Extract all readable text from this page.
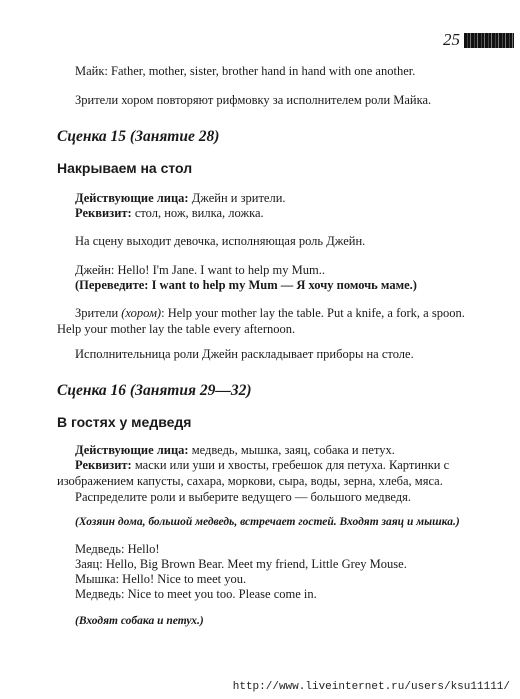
25

Майк: Father, mother, sister, brother hand in hand with one another.

Зрители хором повторяют рифмовку за исполнителем роли Майка.

Сценка 15 (Занятие 28)
Накрываем на стол

Действующие лица: Джейн и зрители.

Реквизит: стол, нож, вилка, ложка.

На сцену выходит девочка, исполняющая роль Джейн.

Джейн: Hello! I'm Jane. I want to help my Mum..

(Переведите: I want to help my Mum — Я хочу помочь маме.)

Зрители (хором): Help your mother lay the table. Put a knife, a fork, a spoon. Help your mother lay the table every afternoon.

Исполнительница роли Джейн раскладывает приборы на столе.

Сценка 16 (Занятия 29—32)
В гостях у медведя

Действующие лица: медведь, мышка, заяц, собака и петух.

Реквизит: маски или уши и хвосты, гребешок для петуха. Картинки с изображением капусты, сахара, моркови, сыра, воды, зерна, хлеба, мяса.

Распределите роли и выберите ведущего — большого медведя.

(Хозяин дома, большой медведь, встречает гостей. Входят заяц и мышка.)

Медведь: Hello!

Заяц: Hello, Big Brown Bear. Meet my friend, Little Grey Mouse.

Мышка: Hello! Nice to meet you.

Медведь: Nice to meet you too. Please come in.

(Входят собака и петух.)

http://www.liveinternet.ru/users/ksu11111/
